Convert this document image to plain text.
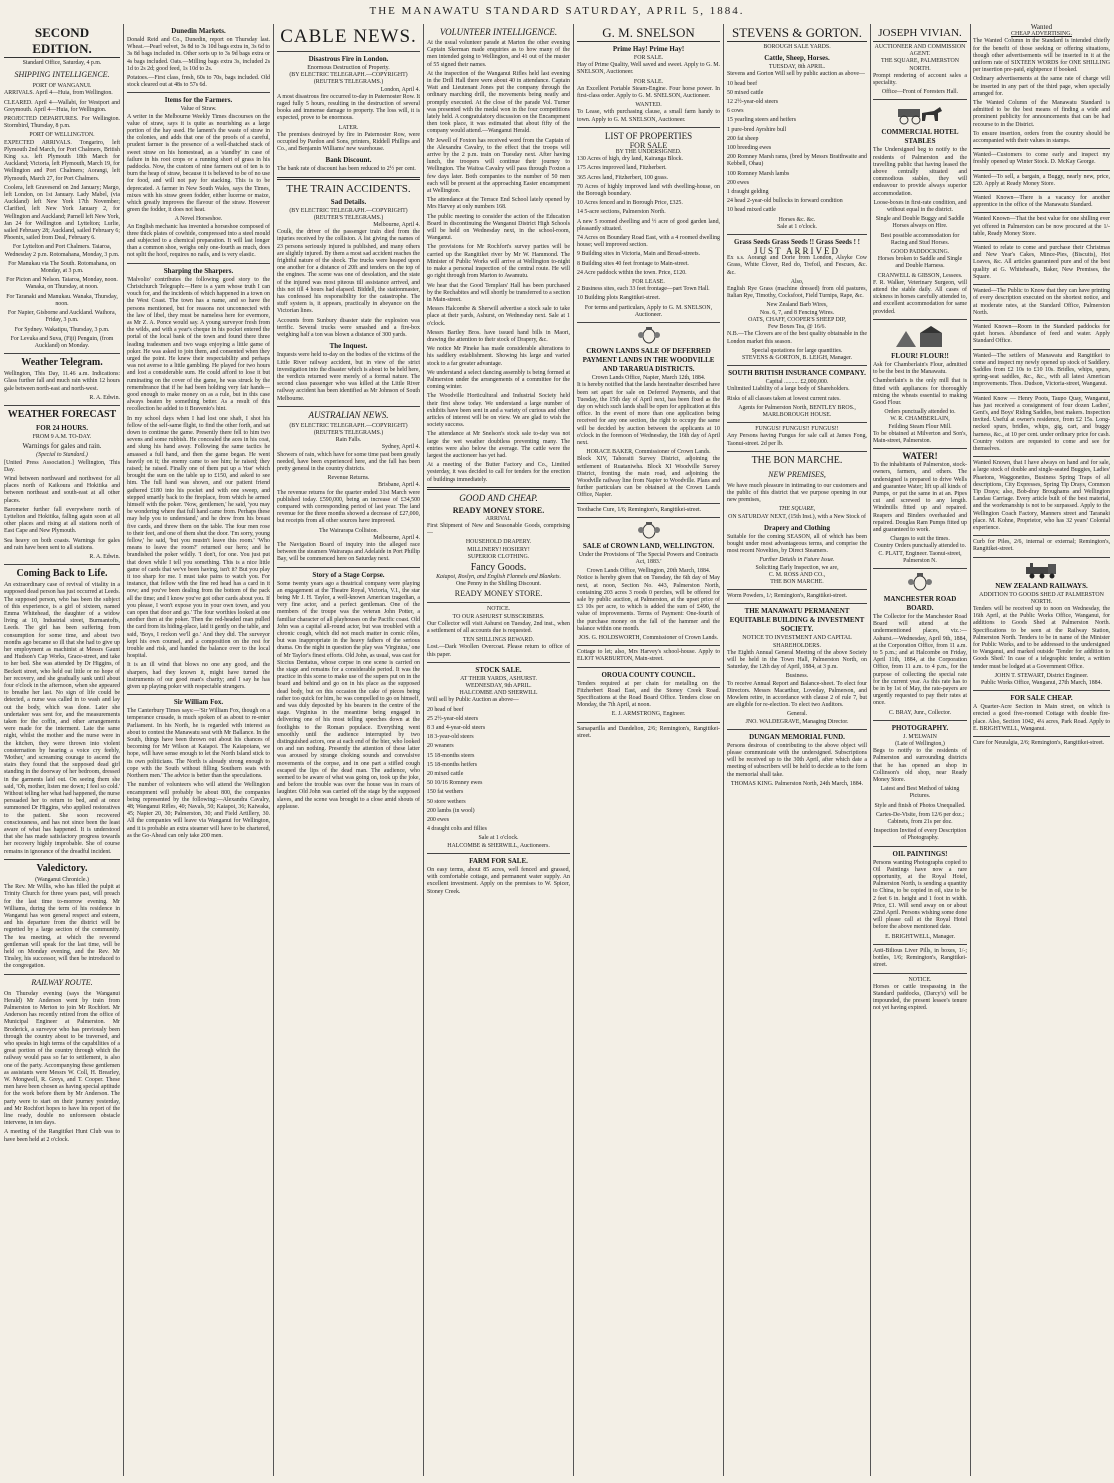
THE MANAWATU STANDARD SATURDAY, APRIL 5, 1884.
SECOND EDITION.

Standard Office, Saturday, 4 p.m.

SHIPPING INTELLIGENCE.
PORT OF WANGANUI.

ARRIVALS. April 4—Huia, from Wellington.

CLEARED. April 4—Wallabi, for Westport and Greymouth. April 4—Huia, for Wellington.

PROJECTED DEPARTURES. For Wellington. Stormbird, Thursday, 8 p.m.

PORT OF WELLINGTON.

EXPECTED ARRIVALS. Tongariro, left Plymouth 2nd March, for Port Chalmers, British King s.s. left Plymouth 18th March for Auckland; Victoria, left Plymouth, March 19, for Wellington and Port Chalmers; Aorangi, left Plymouth, March 27, for Port Chalmers.

Coolera, left Gravesend on 2nd January; Margo, left London, on 1st January. Lady Mabel, (via Auckland) left New York 17th November; Clarified, left New York January 2, for Wellington and Auckland; Parnell left New York, Jan 24 for Wellington and Lyttelton; Lurlie, sailed February 28; Auckland, sailed February 6; Phoenix, sailed from Deal, February 6.

For Lyttelton and Port Chalmers. Taiaroa, Wednesday 2 p.m. Rotomahana, Monday, 3 p.m.

For Manukau via The South. Rotomahana, on Monday, at 3 p.m.

For Picton and Nelson. Taiaroa, Monday, noon. Wanaka, on Thursday, at noon.

For Taranaki and Manukau. Wanaka, Thursday, noon.

For Napier, Gisborne and Auckland. Waihora, Friday, 3 p.m.

For Sydney. Wakatipu, Thursday, 3 p.m.

For Levuka and Suva, (Fiji) Penguin, (from Auckland) on Monday.

Weather Telegram.

Wellington, This Day, 11.46 a.m. Indications: Glass further fall and much rain within 12 hours gale between north-east and north-west.

R. A. Edwin.

WEATHER FORECAST
FOR 24 HOURS.
FROM 9 A.M. TO-DAY.
Warnings for gales and rain.
(Special to Standard.)

[United Press Association.] Wellington, This Day.

Wind between northward and northwest for all places north of Kaikoura and Hokitika and between northeast and south-east at all other places.

Barometer further fall everywhere north of Lyttelton and Hokitika, falling again soon at all other places and rising at all stations north of East Cape and New Plymouth.

Sea heavy on both coasts. Warnings for gales and rain have been sent to all stations.

R. A. Edwin.

Coming Back to Life.

An extraordinary case of revival of vitality in a supposed dead person has just occurred at Leeds. The supposed person, who has been the subject of this experience, is a girl of sixteen, named Emma Whitehead, the daughter of a widow living at 10, Industrial street, Burmantofts, Leeds. The girl has been suffering from consumption for some time, and about two months ago became so ill that she had to give up her employment as machinist at Messrs Gaunt and Hudson's Cap Works, Grace-street, and take to her bed. She was attended by Dr Higgins, of Beckett street, who held out little or no hope of her recovery, and she gradually sank until about four o'clock in the afternoon, when she appeared to breathe her last. No sign of life could be detected, a nurse was called in to wash and lay out the body, which was done. Later she undertaker was sent for, and the measurements taken for the coffin, and other arrangements were made for the interment. Late the same night, whilst the mother and the nurse were in the kitchen, they were thrown into violent consternation by hearing a voice cry feebly, 'Mother,' and screaming courage to ascend the stairs they found that the supposed dead girl standing in the doorway of her bedroom, dressed in the garments laid out. On seeing them she said, 'Oh, mother, listen me down; I feel so cold.' Without telling her what had happened, the nurse persuaded her to return to bed, and at once summoned Dr Higgins, who applied restoratives to the patient. She soon recovered consciousness, and has not since been the least aware of what has happened. It is understood that she has made satisfactory progress towards her recovery highly improbable. She of course remains in ignorance of the dreadful incident.

Valedictory.
(Wanganui Chronicle.)

The Rev. Mr Willis, who has filled the pulpit at Trinity Church for three years past, will preach for the last time to-morrow evening. Mr Williams, during the term of his residence in Wanganui has won general respect and esteem, and his departure from the district will be regretted by a large section of the community. The tea meeting, at which the reverend gentleman will speak for the last time, will be held on Monday evening, and the Rev. Mr Tinsley, his successor, will then be introduced to the congregation.

RAILWAY ROUTE.

On Thursday evening (says the Wanganui Herald) Mr Anderson went by train from Palmerston to Merton to join Mr Rochfort. Mr Anderson has recently retired from the office of Municipal Engineer at Palmerston. Mr Broderick, a surveyor who has previously been through the country about to be traversed, and who speaks in high terms of the capabilities of a great portion of the country through which the railway would pass so far to settlement, is also one of the party. Accompanying these gentlemen as assistants were Messrs W. Coll, H. Brearley, W. Mongwell, R. Greys, and T. Cooper. These men have been chosen as having special aptitude for the work before them by Mr Anderson. The party were to start on their journey yesterday, and Mr Rochfort hopes to have his report of the line ready, double no unforeseen obstacle intervene, in ten days.

A meeting of the Rangitikei Hunt Club was to have been held at 2 o'clock.

Dunedin Markets.

Donald Reid and Co., Dunedin, report on Thursday last. Wheat.—Pearl velvet, 3s 8d to 3s 10d bags extra in, 3s 6d to 3s 8d bags included in. Other sorts up to 3s 9d bags extra or 4s bags included. Oats.—Milling bags extra 3s, included 2s 1d to 2s 2d; good feed, 1s 10d to 2s.

Potatoes.—First class, fresh, 60s to 70s, bags included. Old stock cleared out at 48s to 57s 6d.

Items for the Farmers.
Value of Straw.

A writer in the Melbourne Weekly Times discourses on the value of straw, says it is quite as nourishing as a large portion of the hay used. He lament's the waste of straw in the colonies, and adds that one of the proofs of a careful, prudent farmer is the presence of a well-thatched stack of sweet straw on his homestead, as a 'standby' in case of failure in his root crops or a running short of grass in his paddocks. Now, the custom of nine farmers out of ten is to burn the heap of straw, because it is believed to be of no use for food, and will not pay for stacking. This is to be deprecated. A farmer in New South Wales, says the Times, mixes with his straw green fodder, either lucerne or maize, which greatly improves the flavour of the straw. However green the fodder, it does not heat.

A Novel Horseshoe.

An English mechanic has invented a horseshoe composed of three thick plates of cowhide, compressed into a steel mould and subjected to a chemical preparation. It will last longer than a common shoe, weighs only one-fourth as much, does not split the hoof, requires no nails, and is very elastic.

Sharping the Sharpers.

'Malvolio' contributes the following good story to the Christchurch Telegraph:—Here is a yarn whose truth I can vouch for, and the incidents of which happened in a town on the West Coast. The town has a name, and so have the persons mentioned, but for reasons not unconnected with the law of libel, they must be nameless here for evermore, as Mr Z. A. Ponce would say. A young surveyor fresh from the wilds, and with a year's cheque in his pocket entered the portal of the local bank of the town and found there three leading tradesmen and two wags enjoying a little game of poker. He was asked to join them, and consented when they urged the point. He knew their respectability and perhaps was not averse to a little gambling. He played for two hours and lost a considerable sum. He could afford to lose it but ruminating on the cover of the game, he was struck by the remembrance that if he had been holding very fair hands—good enough to make money on as a rule, but in this case always beaten by something better. As a result of this recollection he added to it Bravenio's hint.

In my school days when I had lost one shaft, I shot his fellow of the self-same flight, to find the other forth, and sat down to continue the game. Presently there fell to him two sevens and some rubbish. He concealed the aces in his coat, and slung his hand away. Following the same tactics he amassed a full hand, and then the game began. He went heavily on it; the enemy came to see him; he raised; they raised; he raised. Finally one of them put up a 'rise' which brought the sum on the table up to £150, and asked to see him. The full hand was shown, and our patient friend gathered £180 into his pocket and with one sweep, and stepped smartly back to the fireplace, from which he armed himself with the poker. 'Now, gentlemen,' he said, 'you may be wondering where that full hand came from. Perhaps these may help you to understand,' and he drew from his breast five cards, and threw them on the table. The four men rose to their feet, and one of them shut the door. 'I'm sorry, young fellow,' he said, 'but you mustn't leave this room.' 'Who means to leave the room?' returned our hero; and he brandished the poker wildly. 'I don't, for one. You just put that down while I tell you something. This is a nice little game of cards that we've been having, isn't it? But you play it too sharp for me. I must take pains to watch you. For instance, that fellow with the fine red head has a card in it now; and you've been dealing from the bottom of the pack all the time; and I know you've got other cards about you. If you please, I won't expose you in your own town, and you can open that door and go.' The four worthies looked at one another then at the poker. Then the red-headed man pulled the card from its hiding-place, laid it gently on the table, and said, 'Boys, I reckon we'll go.' And they did. The surveyor kept his own counsel, and a composition on the rest for trouble and risk, and handed the balance over to the local hospital.

It is an ill wind that blows no one any good, and the sharpers, had they known it, might have turned the instruments of our good man's charity; and I say he has given up playing poker with respectable strangers.

Sir William Fox.

The Canterbury Times says:—'Sir William Fox, though on a temperance crusade, is much spoken of as about to re-enter Parliament. In his North, he is regarded with interest as about to contest the Manawatu seat with Mr Ballance. In the South, things have been thrown out about his chances of becoming for Mr Wilson at Kaiapoi. The Kaiapoians, we hope, will have sense enough to let the North Island stick to its own politicians. The North is already strong enough to cope with the South without filling Southern seats with Northern men.' The advice is better than the speculations.

The number of volunteers who will attend the Wellington encampment will probably be about 800, the companies being represented by the following:—Alexandra Cavalry, 48; Wanganui Rifles, 40; Navals, 50; Kaiapoi, 36; Kaiwaka, 45; Napier 20, 30; Palmerston, 30; and Field Artillery, 30. All the companies will leave via Wanganui for Wellington, and it is probable an extra steamer will have to be chartered, as the Go-Ahead can only take 200 men.

CABLE NEWS.
Disastrous Fire in London.
Enormous Destruction of Property.
(BY ELECTRIC TELEGRAPH.—COPYRIGHT) (REUTER'S TELEGRAMS.)
London, April 4.

A most disastrous fire occurred to-day in Paternoster Row. It raged fully 5 hours, resulting in the destruction of several books and immense damage to property. The loss will, it is expected, prove to be enormous.

LATER.

The premises destroyed by fire in Paternoster Row, were occupied by Pardon and Sons, printers, Riddell Phillips and Co., and Benjamin Williams' new warehouse.

Bank Discount.

The bank rate of discount has been reduced to 2½ per cent.

THE TRAIN ACCIDENTS.
Sad Details.
(BY ELECTRIC TELEGRAPH.—COPYRIGHT) (REUTER'S TELEGRAMS.)
Melbourne, April 4.

Coulk, the driver of the passenger train died from the injuries received by the collision. A list giving the names of 23 persons seriously injured is published, and many others are slightly injured. By them a most sad accident reaches the frightful nature of the shock. The trucks were heaped upon one another for a distance of 20ft and tenders on the top of the engines. The scene was one of desolation, and the state of the injured was most piteous till assistance arrived, and this not till 4 hours had elapsed. Biddell, the stationmaster, has confessed his responsibility for the catastrophe. The stuff system is, it appears, practically in abeyance on the Victorian lines.

Accounts from Sunbury disaster state the explosion was terrific. Several trucks were smashed and a fire-box weighing half a ton was blown a distance of 300 yards.

The Inquest.

Inquests were held to-day on the bodies of the victims of the Little River railway accident, but in view of the strict investigation into the disaster which is about to be held here, the verdicts returned were merely of a formal nature. The second class passenger who was killed at the Little River railway accident has been identified as Mr Johnson of South Melbourne.

AUSTRALIAN NEWS.
(BY ELECTRIC TELEGRAPH.—COPYRIGHT) (REUTER'S TELEGRAMS.)
Rain Falls.
Sydney, April 4.

Showers of rain, which have for some time past been greatly needed, have been experienced here, and the fall has been pretty general in the country districts.

Revenue Returns.
Brisbane, April 4.

The revenue returns for the quarter ended 31st March were published today. £590,000, being an increase of £34,500 compared with corresponding period of last year. The land revenue for the three months showed a decrease of £27,000, but receipts from all other sources have improved.

The Wairarapa Collision.
Melbourne, April 4.

The Navigation Board of inquiry into the alleged race between the steamers Wairarapa and Adelaide in Port Phillip Bay, will be commenced here on Saturday next.

Story of a Stage Corpse.

Some twenty years ago a theatrical company were playing an engagement at the Theatre Royal, Victoria, V.I., the star being Mr J. H. Taylor, a well-known American tragedian, a very fine actor, and a perfect gentleman. One of the members of the troupe was the veteran John Potter, a familiar character of all playhouses on the Pacific coast. Old John was a capital all-round actor, but was troubled with a chronic cough, which did not much matter in comic rôles, but was inappropriate in the heavy fathers of the serious drama. On the night in question the play was 'Virginius,' one of Mr Taylor's finest efforts. Old John, as usual, was cast for Siccius Dentatus, whose corpse in one scene is carried on the stage and remains for a considerable period. It was the practice in this scene to make use of the supers put on in the board and behind and go on in his place as the supposed dead body, but on this occasion the cake of pieces being rather too quick for him, he was compelled to go on himself, and was duly deposited by his bearers in the centre of the stage. Virginius in the meantime being engaged in delivering one of his most telling speeches down at the footlights to the Roman populace. Everything went smoothly until the audience interrupted by two distinguished actors, one at each end of the bier, who looked on and ran nothing. Presently the attention of these latter was aroused by strange choking sounds and convulsive movements of the corpse, and in one part a stifled cough escaped the lips of the dead man. The audience, who seemed to be aware of what was going on, took up the joke, and before the trouble was over the house was in roars of laughter. Old John was carried off the stage by the supposed slaves, and the scene was brought to a close amid shouts of applause.

VOLUNTEER INTELLIGENCE.

At the usual volunteer parade at Marton the other evening Captain Skerman made enquiries as to how many of the men intended going to Wellington, and 41 out of the muster of 55 signed their names.

At the inspection of the Wanganui Rifles held last evening in the Drill Hall there were about 40 in attendance. Captain Watt and Lieutenant Jones put the company through the ordinary marching drill, the movements being neatly and promptly executed. At the close of the parade Vol. Turner was presented with the medal won in the four competitions lately held. A congratulatory discussion on the Encampment then took place, it was estimated that about fifty of the company would attend.—Wanganui Herald.

Mr Jewell of Foxton has received word from the Captain of the Alexandra Cavalry, to the effect that the troops will arrive by the 2 p.m. train on Tuesday next. After having lunch, the troopers will continue their journey to Wellington. The Waitoa Cavalry will pass through Foxton a few days later. Both companies to the number of 50 men each will be present at the approaching Easter encampment at Wellington.

The attendance at the Terrace End School lately opened by Mrs Harvey at only numbers 168.

The public meeting to consider the action of the Education Board in discontinuing the Wanganui District High Schools will be held on Wednesday next, in the school-room, Wanganui.

The provisions for Mr Rochfort's survey parties will be carried up the Rangitikei river by Mr W. Hammond. The Minister of Public Works will arrive at Wellington to-night to make a personal inspection of the central route. He will go right through from Marton to Awamutu.

We hear that the Good Templars' Hall has been purchased by the Rechabites and will shortly be transferred to a section in Main-street.

Messrs Halcombe & Sherwill advertise a stock sale to take place at their yards, Ashurst, on Wednesday next. Sale at 1 o'clock.

Messrs Bartley Bros. have issued hand bills in Maori, drawing the attention to their stock of Drapery, &c.

We notice Mr Pineke has made considerable alterations to his saddlery establishment. Showing his large and varied stock to a far greater advantage.

We understand a select dancing assembly is being formed at Palmerston under the arrangements of a committee for the coming winter.

The Woodville Horticultural and Industrial Society held their first show today. We understand a large number of exhibits have been sent in and a variety of curious and other articles of interest will be on view. We are glad to wish the society success.

The attendance at Mr Snelson's stock sale to-day was not large the wet weather doubtless preventing many. The entries were also below the average. The cattle were the largest the auctioneer has yet had.

At a meeting of the Butter Factory and Co., Limited yesterday, it was decided to call for tenders for the erection of buildings immediately.

GOOD AND CHEAP.
READY MONEY STORE.
ARRIVAL

First Shipment of New and Seasonable Goods, comprising—

HOUSEHOLD DRAPERY.
MILLINERY! HOSIERY!
SUPERIOR CLOTHING.
Fancy Goods.
Kaiapoi, Roslyn, and English Flannels and Blankets.
One Penny in the Shilling Discount.
READY MONEY STORE.
NOTICE.
TO OUR ASHURST SUBSCRIBERS.

Our Collector will visit Ashurst on Tuesday, 2nd inst., when a settlement of all accounts due is requested.

TEN SHILLINGS REWARD.

Lost.—Dark Woollen Overcoat. Please return to office of this paper.

STOCK SALE.
AT THEIR YARDS, ASHURST.
WEDNESDAY, 9th APRIL.
HALCOMBE AND SHERWILL

Will sell by Public Auction as above—

20 head of beef
25 2½-year-old steers
8 3 and 4-year-old steers
18 3-year-old steers
20 weaners
15 18-months steers
15 18-months heifers
20 mixed cattle
50 10/16 Romney ewes
150 fat wethers
50 store wethers
200 lambs (in wool)
200 ewes
4 draught colts and fillies
Sale at 1 o'clock.
HALCOMBE & SHERWILL, Auctioneers.
FARM FOR SALE.

On easy terms, about 85 acres, well fenced and grassed, with comfortable cottage, and permanent water supply. An excellent investment. Apply on the premises to W. Spicer, Stoney Creek.

G. M. SNELSON
Prime Hay! Prime Hay!
FOR SALE.

Hay of Prime Quality, Well saved and sweet. Apply to G. M. SNELSON, Auctioneer.

FOR SALE.

An Excellent Portable Steam-Engine. Four horse power. In first-class order. Apply to G. M. SNELSON, Auctioneer.

WANTED.

To Lease, with purchasing clause, a small farm handy to town. Apply to G. M. SNELSON, Auctioneer.

LIST OF PROPERTIES
FOR SALE
BY THE UNDERSIGNED.
130 Acres of high, dry land, Kairanga Block.
175 Acres improved land, Fitzherbert.
365 Acres land, Fitzherbert, 100 grass.
70 Acres of highly improved land with dwelling-house, on the Borough boundary.
10 Acres fenced and in Borough Price, £325.
14 5-acre sections, Palmerston North.
A new 5 roomed dwelling and ½ acre of good garden land, pleasantly situated.
74 Acres on Boundary Road East, with a 4 roomed dwelling house; well improved section.
9 Building sites in Victoria, Main and Broad-streets.
8 Building sites 40 feet frontage to Main-street.
24 Acre paddock within the town. Price, £120.
FOR LEASE.
2 Business sites, each 33 feet frontage—part Town Hall.
10 Building plots Rangitikei-street.

For terms and particulars, Apply to G. M. SNELSON, Auctioneer.

CROWN LANDS SALE OF DEFERRED PAYMENT LANDS IN THE WOODVILLE AND TARARUA DISTRICTS.
Crown Lands Office, Napier, March 12th, 1884.

It is hereby notified that the lands hereinafter described have been set apart for sale on Deferred Payments, and that Tuesday, the 15th day of April next, has been fixed as the day on which such lands shall be open for application at this office. In the event of more than one application being received for any one section, the right to occupy the same will be decided by auction between the applicants at 10 o'clock in the forenoon of Wednesday, the 16th day of April next.

HORACE BAKER, Commissioner of Crown Lands.

Block XIV, Tahoraiti Survey District, adjoining the settlement of Ruataniwha. Block XI Woodville Survey District, fronting the main road, and adjoining the Woodville railway line from Napier to Woodville. Plans and further particulars can be obtained at the Crown Lands Office, Napier.

Toothache Cure, 1/6; Remington's, Rangitikei-street.

SALE of CROWN LAND, WELLINGTON.

Under the Provisions of 'The Special Powers and Contracts Act, 1883.'

Crown Lands Office, Wellington, 20th March, 1884.

Notice is hereby given that on Tuesday, the 6th day of May next, at noon, Section No. 443, Palmerston North, containing 203 acres 3 roods 0 perches, will be offered for sale by public auction, at Palmerston, at the upset price of £3 10s per acre, to which is added the sum of £490, the value of improvements. Terms of Payment: One-fourth of the purchase money on the fall of the hammer and the balance within one month.

JOS. G. HOLDSWORTH, Commissioner of Crown Lands.

Cottage to let; also, Mrs Harvey's school-house. Apply to ELIOT WARBURTON, Main-street.

OROUA COUNTY COUNCIL.

Tenders required at per chain for metalling on the Fitzherbert Road East, and the Stoney Creek Road. Specifications at the Road Board Office. Tenders close on Monday, the 7th April, at noon.

E. J. ARMSTRONG, Engineer.

Sarsaparilla and Dandelion, 2/6; Remington's, Rangitikei-street.

STEVENS & GORTON.
BOROUGH SALE YARDS.
Cattle, Sheep, Horses.
TUESDAY, 8th APRIL.

Stevens and Gorton Will sell by public auction as above—

10 head beef
50 mixed cattle
12 2½-year-old steers
6 cows
15 yearling steers and heifers
1 pure-bred Ayrshire bull
200 fat sheep
100 breeding ewes
200 Romney Marsh rams, (bred by Messrs Braithwaite and Kebbell, Ohau)
100 Romney Marsh lambs
200 ewes
1 draught gelding
24 head 2-year-old bullocks in forward condition
10 head mixed cattle
Horses &c. &c.
Sale at 1 o'clock.
Grass Seeds Grass Seeds !! Grass Seeds ! !
JUST ARRIVED

Ex s.s. Aorangi and Dorie from London, Alsyke Cow Grass, White Clover, Red do, Trefoil, and Fescues, &c. &c.

Also,

English Rye Grass (machine dressed) from old pastures, Italian Rye, Timothy, Cocksfoot, Field Turnips, Rape, &c.

New Zealand Barb Wires,
Nos. 6, 7, and 8 Fencing Wires.
OATS, CHAFF, COOPER'S SHEEP DIP,
Few Boxes Tea, @ 16/6.

N.B.—The Clovers are of the best quality obtainable in the London market this season.

Special quotations for large quantities.
STEVENS & GORTON, B. LEIGH, Manager.
SOUTH BRITISH INSURANCE COMPANY.
Capital .......... £2,000,000.

Unlimited Liability of a large body of Shareholders.

Risks of all classes taken at lowest current rates.

Agents for Palmerston North, BENTLEY BROS., MARLBOROUGH HOUSE.
FUNGUS! FUNGUS!! FUNGUS!!

Any Persons having Fungus for sale call at James Fong, Taonui-street. 2d per lb.

THE BON MARCHE.
NEW PREMISES,

We have much pleasure in intimating to our customers and the public of this district that we purpose opening in our new premises,

THE SQUARE,
ON SATURDAY NEXT, (15th Inst.), with a New Stock of
Drapery and Clothing

Suitable for the coming SEASON, all of which has been bought under most advantageous terms, and comprise the most recent Novelties, by Direct Steamers.

Further Details in Future Issue.
Soliciting Early Inspection, we are,
C. M. ROSS AND CO.,
THE BON MARCHE.

Worm Powders, 1/; Remington's, Rangitikei-street.

THE MANAWATU PERMANENT EQUITABLE BUILDING & INVESTMENT SOCIETY.
NOTICE TO INVESTMENT AND CAPITAL SHAREHOLDERS.

The Eighth Annual General Meeting of the above Society will be held in the Town Hall, Palmerston North, on Saturday, the 12th day of April, 1884, at 3 p.m.

Business.

To receive Annual Report and Balance-sheet. To elect four Directors. Messrs Macarthur, Loveday, Palmerson, and Mowlem retire, in accordance with clause 2 of rule 7, but are eligible for re-election. To elect two Auditors.

General.
JNO. WALDEGRAVE, Managing Director.
DUNGAN MEMORIAL FUND.

Persons desirous of contributing to the above object will please communicate with the undersigned. Subscriptions will be received up to the 30th April, after which date a meeting of subscribers will be held to decide as to the form the memorial shall take.

THOMAS KING. Palmerston North, 24th March, 1884.
JOSEPH VIVIAN.
AUCTIONEER AND COMMISSION AGENT.
THE SQUARE, PALMERSTON NORTH.

Prompt rendering of account sales a speciality.

Office—Front of Foresters Hall.
COMMERCIAL HOTEL STABLES

The Undersigned beg to notify to the residents of Palmerston and the travelling public that having leased the above centrally situated and commodious stables, they will endeavour to provide always superior accommodation.

Loose-boxes in first-rate condition, and without equal in the district.

Single and Double Buggy and Saddle Horses always on Hire.

Best possible accommodation for Racing and Stud Horses.

GOOD PADDOCKING.

Horses broken to Saddle and Single and Double Harness.

CRANWELL & GIBSON, Lessees.

F. R. Walker, Veterinary Surgeon, will attend the stable daily. All cases of sickness in horses carefully attended to, and excellent accommodation for same provided.

FLOUR! FLOUR!!

Ask for Chamberlain's Flour, admitted to be the best in the Manawatu.

Chamberlain's is the only mill that is fitted with appliances for thoroughly mixing the wheats essential to making Good Flour.

Orders punctually attended to.
W. R. CHAMBERLAIN,
Feilding Steam Flour Mill.

To be obtained at Milverton and Son's, Main-street, Palmerston.

WATER!

To the inhabitants of Palmerston, stock-owners, farmers, and others. The undersigned is prepared to drive Wells and guarantee Water; lift up all kinds of Pumps, or put the same in at an. Pipes cut and screwed to any length. Windmills fitted up and repaired. Reapers and Binders overhauled and repaired. Douglas Ram Pumps fitted up and guaranteed to work.

Charges to suit the times.
Country Orders punctually attended to.
C. PLATT, Engineer. Taonui-street, Palmerston N.
MANCHESTER ROAD BOARD.

The Collector for the Manchester Road Board will attend at the undermentioned places, viz.:— Ashurst.—Wednesday, April 9th, 1884, at the Corporation Office, from 11 a.m. to 5 p.m.; and at Halcombe on Friday, April 11th, 1884, at the Corporation Office, from 11 a.m. to 4 p.m., for the purpose of collecting the special rate for the current year. As this rate has to be in by 1st of May, the rate-payers are urgently requested to pay their rates at once.

C. BRAY, Junr., Collector.
PHOTOGRAPHY.
J. M'ELWAIN
(Late of Wellington,)

Begs to notify to the residents of Palmerston and surrounding districts that he has opened an shop in Collinson's old shop, near Ready Money Store.

Latest and Best Method of taking Pictures.

Style and finish of Photos Unequalled.

Cartes-De-Visite, from 12/6 per doz.; Cabinets, from 21s per doz.

Inspection Invited of every Description of Photography.

OIL PAINTINGS!

Persons wanting Photographs copied to Oil Paintings have now a rare opportunity, at the Royal Hotel, Palmerston North, is sending a quantity to China, to be copied in oil, size to be 2 feet 6 in. height and 1 foot in width. Price, £1. Will send away on or about 22nd April. Persons wishing some done will please call at the Royal Hotel before the above mentioned date.

E. BRIGHTWELL, Manager.

Anti-Bilious Liver Pills, in boxes, 1/-; bottles, 1/6; Remington's, Rangitikei-street.

NOTICE.

Horses or cattle trespassing in the Standard paddocks, (Darcy's) will be impounded, the present lessee's tenure not yet having expired.

Wanted
CHEAP ADVERTISING.

The Wanted Column in the Standard is intended chiefly for the benefit of those seeking or offering situations, though other advertisements will be inserted in it at the uniform rate of SIXTEEN WORDS for ONE SHILLING per insertion pre-paid, eightpence if booked.

Ordinary advertisements at the same rate of charge will be inserted in any part of the third page, when specially arranged for.

The Wanted Column of the Manawatu Standard is admitted to be the best means of finding a wide and prominent publicity for announcements that can be had recourse to in the District.

To ensure insertion, orders from the country should be accompanied with their values in stamps.

Wanted—Customers to come early and inspect my freshly opened up Winter Stock. D. McKay George.

Wanted—To sell, a bargain, a Buggy, nearly new, price, £20. Apply at Ready Money Store.

Wanted Known—There is a vacancy for another apprentice in the office of the Manawatu Standard.

Wanted Known—That the best value for one shilling ever yet offered in Palmerston can be now procured at the 1/- table, Ready Money Store.

Wanted to relate to come and purchase their Christmas and New Year's Cakes, Mince-Pies, (Biscuits), Hot Loaves, &c. All articles guaranteed pure and of the best quality at G. Whitehead's, Baker, New Premises, the Square.

Wanted—The Public to Know that they can have printing of every description executed on the shortest notice, and at moderate rates, at the Standard Office, Palmerston North.

Wanted Known—Room in the Standard paddocks for quiet horses. Abundance of feed and water. Apply Standard Office.

Wanted—The settlers of Manawatu and Rangitikei to come and inspect my newly opened up stock of Saddlery. Saddles from £2 10s to £10 10s. Bridles, whips, spurs, spring-seat saddles, &c., &c., with all latest American improvements. Thos. Dudson, Victoria-street, Wanganui.

Wanted Know — Henry Poots, Taupo Quay, Wanganui, has just received a consignment of four dozen Ladies', Gent's, and Boys' Riding Saddles, best makers. Inspection invited. Useful at owner's residence, from £2 15s. Long-necked spurs, bridles, whips, gig, cart, and buggy harness, &c., at 10 per cent. under ordinary price for cash. Country visitors are requested to come and see for themselves.

Wanted Known, that I have always on hand and for sale, a large stock of double and single-seated Buggies, Ladies' Phaetons, Waggonettes, Business Spring Traps of all descriptions, City Expresses, Spring Tip Drays, Common Tip Drays; also, Bob-dray Broughams and Wellington Landau Carriage. Every article built of the best material, and the workmanship is not to be surpassed. Apply to the Wellington Coach Factory, Manners street and Taranaki place. M. Kohne, Proprietor, who has 32 years' Colonial experience.

Curb for Piles, 2/6, internal or external; Remington's, Rangitikei-street.

NEW ZEALAND RAILWAYS.
ADDITION TO GOODS SHED AT PALMERSTON NORTH.

Tenders will be received up to noon on Wednesday, the 16th April, at the Public Works Office, Wanganui, for additions to Goods Shed at Palmerston North. Specifications to be seen at the Railway Station, Palmerston North. Tenders to be in name of the Minister for Public Works, and to be addressed to the undersigned to Wanganui, and marked outside 'Tender for addition to Goods Shed.' In case of a telegraphic tender, a written tender must be lodged at a Government Office.

JOHN T. STEWART, District Engineer.
Public Works Office, Wanganui, 27th March, 1884.
FOR SALE CHEAP.

A Quarter-Acre Section in Main street, on which is erected a good five-roomed Cottage with double fire-place. Also, Section 1042, 4¼ acres, Park Road. Apply to E. BRIGHTWELL, Wanganui.

Cure for Neuralgia, 2/6; Remington's, Rangitikei-street.
